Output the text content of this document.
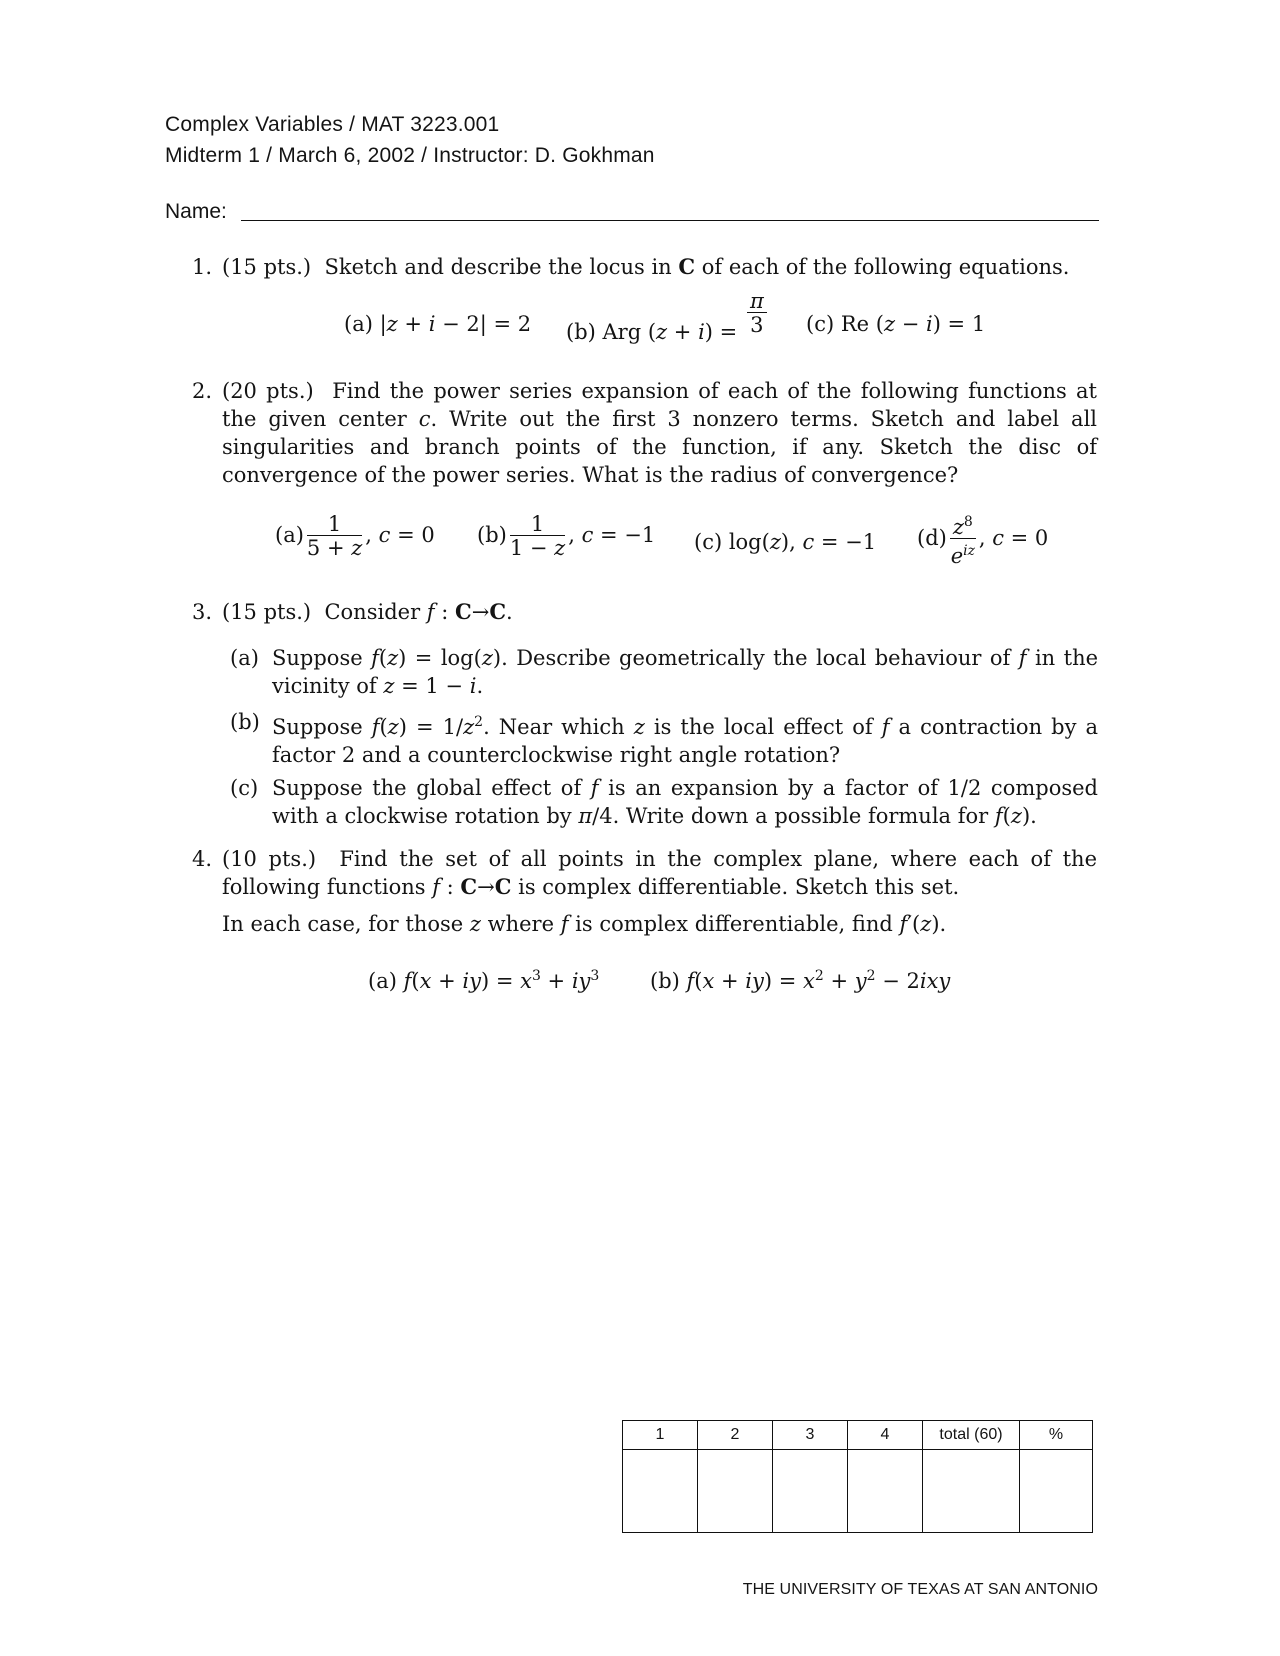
Complex Variables / MAT 3223.001
Midterm 1 / March 6, 2002 / Instructor: D. Gokhman
Name:
1. (15 pts.)  Sketch and describe the locus in C of each of the following equations.
(a) |z + i − 2| = 2 (b) Arg $(z + i) = \frac{\pi}{3} (c)$ Re (z − i) = 1
2. (20 pts.)  Find the power series expansion of each of the following functions at the given center c. Write out the first 3 nonzero terms. Sketch and label all singularities and branch points of the function, if any. Sketch the disc of convergence of the power series. What is the radius of convergence?
$(a) \frac{1}{5 + z}$ , c = 0 $(b) \frac{1}{1 - z}$ , c = −1 (c) log(z), c = −1 $(d) \frac{z^8}{e^{iz}}$ , c = 0
3. (15 pts.)  Consider f : C→C.
(a) Suppose f(z) = log(z). Describe geometrically the local behaviour of f in the vicinity of z = 1 − i.
(b) Suppose $f(z) = 1/z^2$. Near which z is the local effect of f a contraction by a factor 2 and a counterclockwise right angle rotation?
(c) Suppose the global effect of f is an expansion by a factor of 1/2 composed with a clockwise rotation by π/4. Write down a possible formula for f(z).
4. (10 pts.)  Find the set of all points in the complex plane, where each of the following functions f : C→C is complex differentiable. Sketch this set.
In each case, for those z where f is complex differentiable, find f′(z).
(a) $f(x + iy) = x^3 + iy^3$ (b) $f(x + iy) = x^2 + y^2 - 2ixy$
1	2	3	4	total (60)	%

THE UNIVERSITY OF TEXAS AT SAN ANTONIO
